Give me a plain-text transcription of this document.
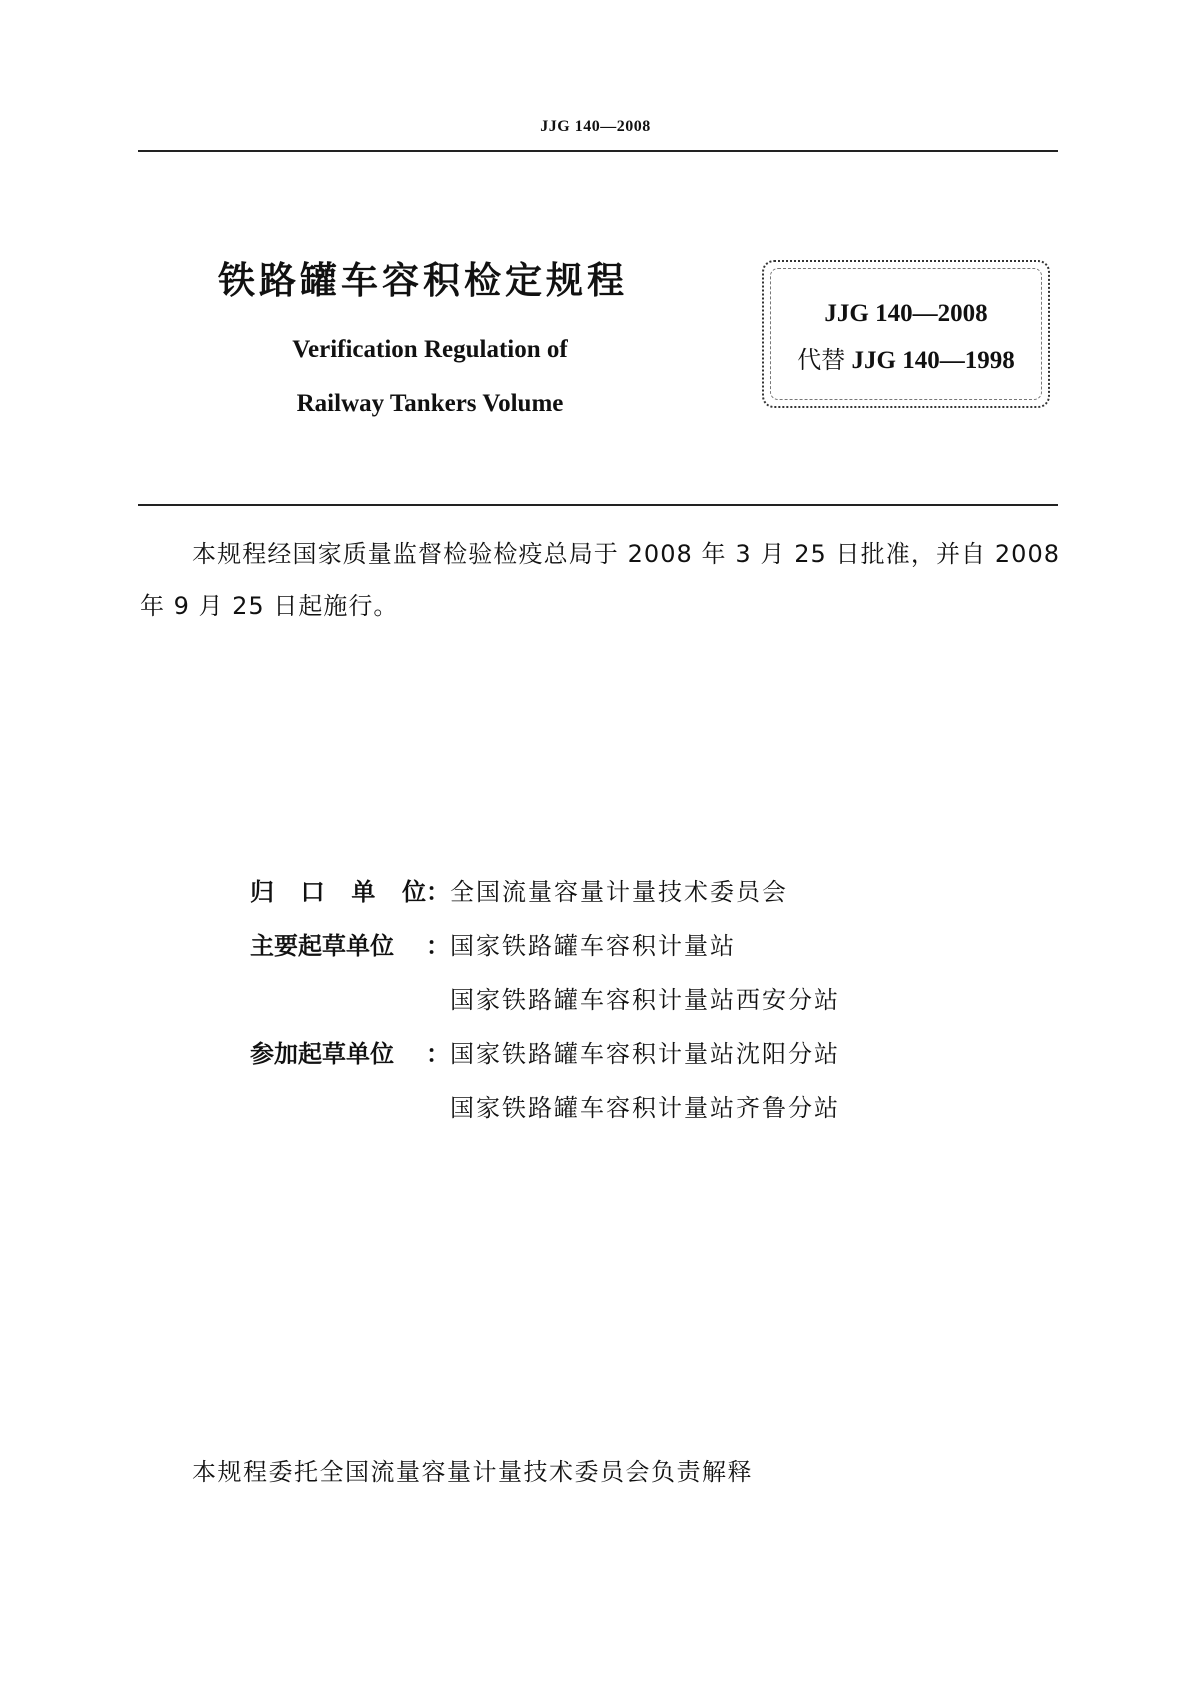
JJG 140—2008
铁路罐车容积检定规程
Verification Regulation of
Railway Tankers Volume
JJG 140—2008
代替 JJG 140—1998
本规程经国家质量监督检验检疫总局于 2008 年 3 月 25 日批准，并自 2008 年 9 月 25 日起施行。
归 口 单 位 ： 全国流量容量计量技术委员会
主要起草单位 ： 国家铁路罐车容积计量站
国家铁路罐车容积计量站西安分站
参加起草单位 ： 国家铁路罐车容积计量站沈阳分站
国家铁路罐车容积计量站齐鲁分站
本规程委托全国流量容量计量技术委员会负责解释
